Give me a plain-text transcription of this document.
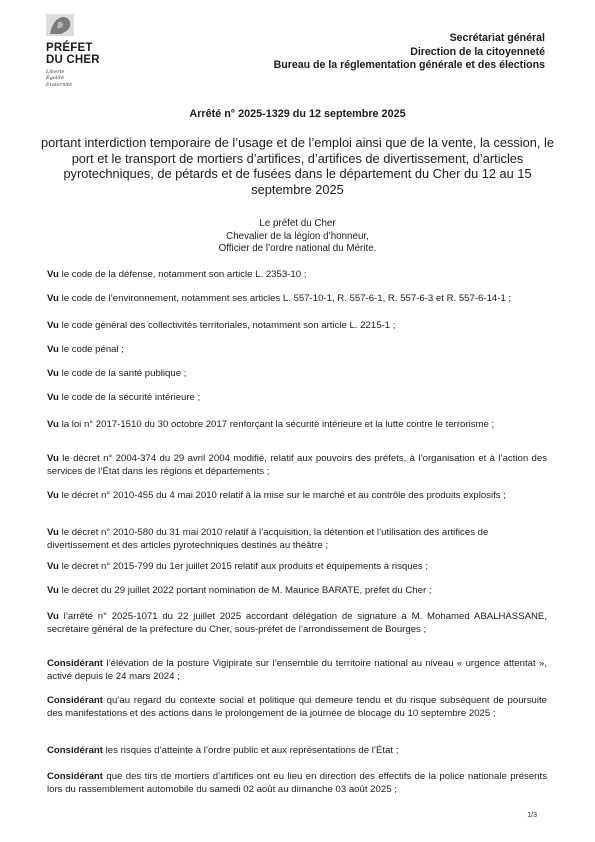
PRÉFET
DU CHER
Liberté
Égalité
Fraternité
Secrétariat général
Direction de la citoyenneté
Bureau de la réglementation générale et des élections
Arrêté n° 2025-1329 du 12 septembre 2025
portant interdiction temporaire de l’usage et de l’emploi ainsi que de la vente, la cession, le port et le transport de mortiers d’artifices, d’artifices de divertissement, d’articles pyrotechniques, de pétards et de fusées dans le département du Cher du 12 au 15 septembre 2025
Le préfet du Cher
Chevalier de la légion d’honneur,
Officier de l’ordre national du Mérite.
Vu le code de la défense, notamment son article L. 2353-10 ;
Vu le code de l’environnement, notamment ses articles L. 557-10-1, R. 557-6-1, R. 557-6-3 et R. 557-6-14-1 ;
Vu le code général des collectivités territoriales, notamment son article L. 2215-1 ;
Vu le code pénal ;
Vu le code de la santé publique ;
Vu le code de la sécurité intérieure ;
Vu la loi n° 2017-1510 du 30 octobre 2017 renforçant la sécurité intérieure et la lutte contre le terrorisme ;
Vu le décret n° 2004-374 du 29 avril 2004 modifié, relatif aux pouvoirs des préfets, à l’organisation et à l’action des services de l’État dans les régions et départements ;
Vu le décret n° 2010-455 du 4 mai 2010 relatif à la mise sur le marché et au contrôle des produits explosifs ;
Vu le décret n° 2010-580 du 31 mai 2010 relatif à l’acquisition, la détention et l’utilisation des artifices de divertissement et des articles pyrotechniques destinés au théâtre ;
Vu le décret n° 2015-799 du 1er juillet 2015 relatif aux produits et équipements à risques ;
Vu le décret du 29 juillet 2022 portant nomination de M. Maurice BARATE, préfet du Cher ;
Vu l’arrêté n° 2025-1071 du 22 juillet 2025 accordant délégation de signature à M. Mohamed ABALHASSANE, secrétaire général de la préfecture du Cher, sous-préfet de l’arrondissement de Bourges ;
Considérant l’élévation de la posture Vigipirate sur l’ensemble du territoire national au niveau « urgence attentat », activé depuis le 24 mars 2024 ;
Considérant qu’au regard du contexte social et politique qui demeure tendu et du risque subséquent de poursuite des manifestations et des actions dans le prolongement de la journée de blocage du 10 septembre 2025 ;
Considérant les risques d’atteinte à l’ordre public et aux représentations de l’État ;
Considérant que des tirs de mortiers d’artifices ont eu lieu en direction des effectifs de la police nationale présents lors du rassemblement automobile du samedi 02 août au dimanche 03 août 2025 ;
1/3
